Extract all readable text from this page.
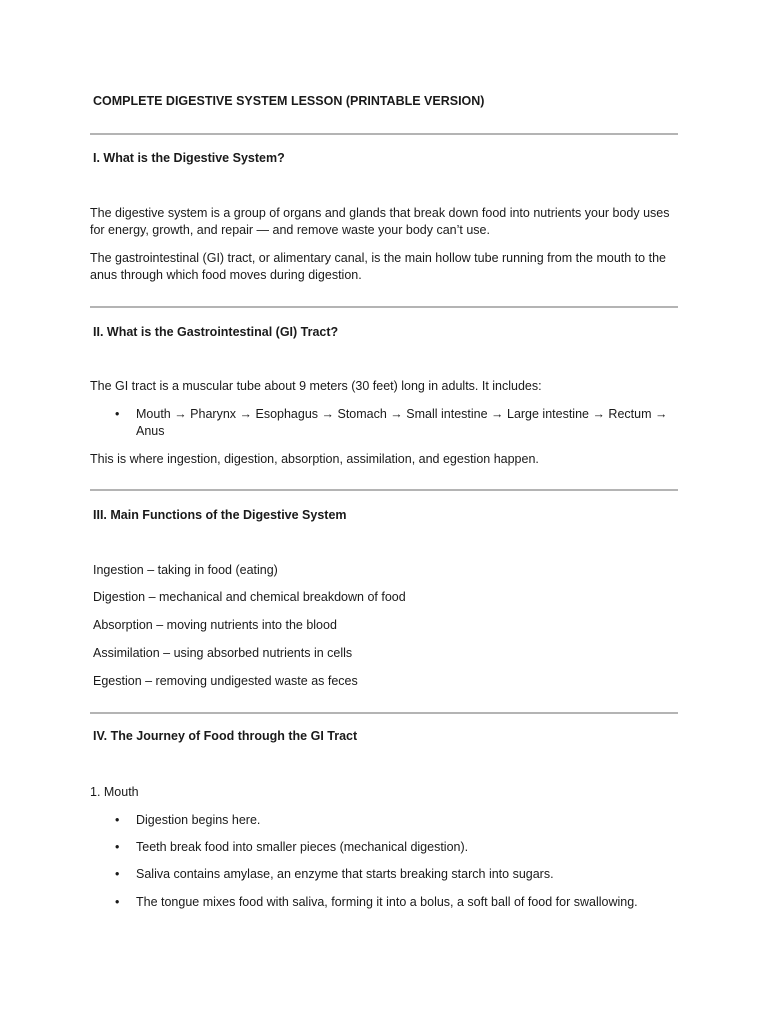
COMPLETE DIGESTIVE SYSTEM LESSON (PRINTABLE VERSION)

I. What is the Digestive System?

The digestive system is a group of organs and glands that break down food into nutrients your body uses for energy, growth, and repair — and remove waste your body can’t use.

The gastrointestinal (GI) tract, or alimentary canal, is the main hollow tube running from the mouth to the anus through which food moves during digestion.

II. What is the Gastrointestinal (GI) Tract?

The GI tract is a muscular tube about 9 meters (30 feet) long in adults. It includes:

• Mouth → Pharynx → Esophagus → Stomach → Small intestine → Large intestine → Rectum → Anus

This is where ingestion, digestion, absorption, assimilation, and egestion happen.

III. Main Functions of the Digestive System

Ingestion – taking in food (eating)

Digestion – mechanical and chemical breakdown of food

Absorption – moving nutrients into the blood

Assimilation – using absorbed nutrients in cells

Egestion – removing undigested waste as feces

IV. The Journey of Food through the GI Tract

1. Mouth

• Digestion begins here.
• Teeth break food into smaller pieces (mechanical digestion).
• Saliva contains amylase, an enzyme that starts breaking starch into sugars.
• The tongue mixes food with saliva, forming it into a bolus, a soft ball of food for swallowing.
